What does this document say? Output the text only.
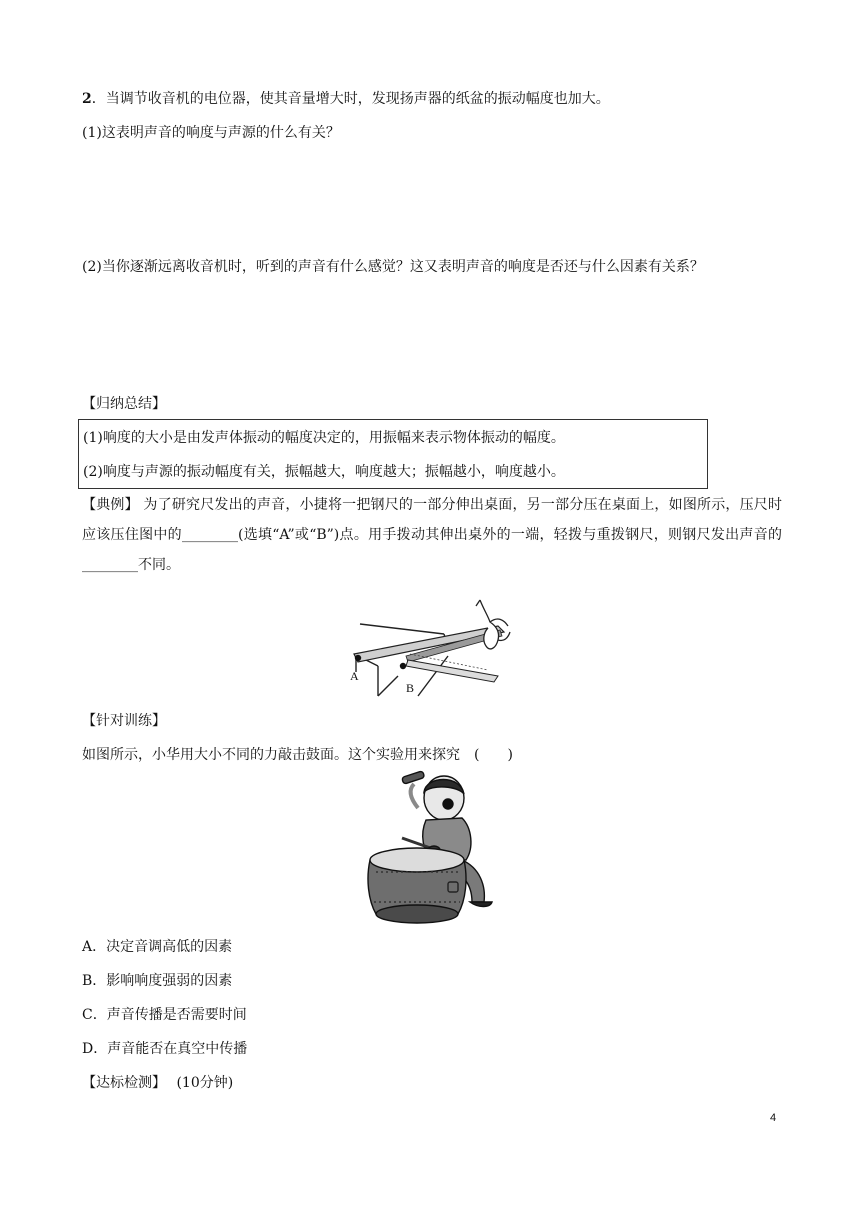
2．当调节收音机的电位器，使其音量增大时，发现扬声器的纸盆的振动幅度也加大。
(1)这表明声音的响度与声源的什么有关？
(2)当你逐渐远离收音机时，听到的声音有什么感觉？这又表明声音的响度是否还与什么因素有关系？
【归纳总结】
(1)响度的大小是由发声体振动的幅度决定的，用振幅来表示物体振动的幅度。
(2)响度与声源的振动幅度有关，振幅越大，响度越大；振幅越小，响度越小。
【典例】 为了研究尺发出的声音，小捷将一把钢尺的一部分伸出桌面，另一部分压在桌面上，如图所示，压尺时应该压住图中的________(选填“A”或“B”)点。用手拨动其伸出桌外的一端，轻拨与重拨钢尺，则钢尺发出声音的________不同。
A
B
【针对训练】
如图所示，小华用大小不同的力敲击鼓面。这个实验用来探究　(　　)
A．决定音调高低的因素
B．影响响度强弱的因素
C．声音传播是否需要时间
D．声音能否在真空中传播
【达标检测】 (10分钟)
4
